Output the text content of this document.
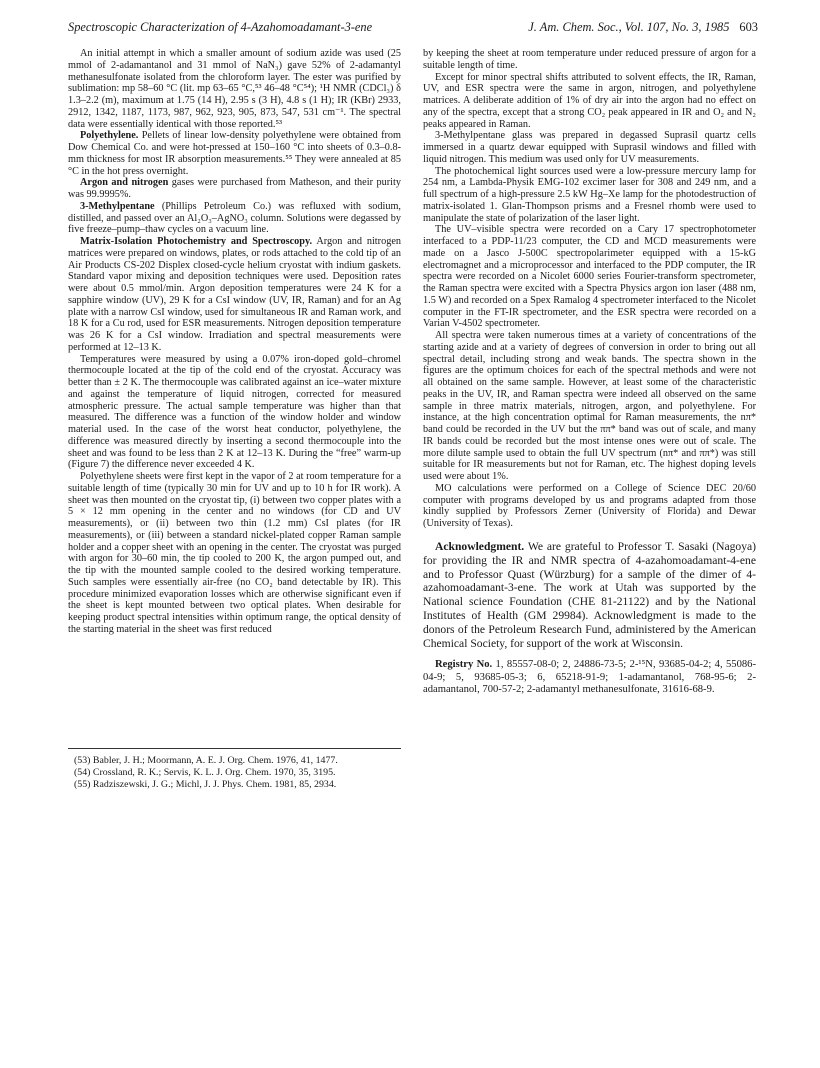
Spectroscopic Characterization of 4-Azahomoadamant-3-ene	J. Am. Chem. Soc., Vol. 107, No. 3, 1985 603

An initial attempt in which a smaller amount of sodium azide was used (25 mmol of 2-adamantanol and 31 mmol of NaN₃) gave 52% of 2-adamantyl methanesulfonate isolated from the chloroform layer. The ester was purified by sublimation: mp 58–60 °C (lit. mp 63–65 °C,⁵³ 46–48 °C⁵⁴); ¹H NMR (CDCl₃) δ 1.3–2.2 (m), maximum at 1.75 (14 H), 2.95 s (3 H), 4.8 s (1 H); IR (KBr) 2933, 2912, 1342, 1187, 1173, 987, 962, 923, 905, 873, 547, 531 cm⁻¹. The spectral data were essentially identical with those reported.⁵³

Polyethylene. Pellets of linear low-density polyethylene were obtained from Dow Chemical Co. and were hot-pressed at 150–160 °C into sheets of 0.3–0.8-mm thickness for most IR absorption measurements.⁵⁵ They were annealed at 85 °C in the hot press overnight.

Argon and nitrogen gases were purchased from Matheson, and their purity was 99.9995%.

3-Methylpentane (Phillips Petroleum Co.) was refluxed with sodium, distilled, and passed over an Al₂O₃–AgNO₃ column. Solutions were degassed by five freeze–pump–thaw cycles on a vacuum line.

Matrix-Isolation Photochemistry and Spectroscopy. Argon and nitrogen matrices were prepared on windows, plates, or rods attached to the cold tip of an Air Products CS-202 Displex closed-cycle helium cryostat with indium gaskets. Standard vapor mixing and deposition techniques were used. Deposition rates were about 0.5 mmol/min. Argon deposition temperatures were 24 K for a sapphire window (UV), 29 K for a CsI window (UV, IR, Raman) and for an Ag plate with a narrow CsI window, used for simultaneous IR and Raman work, and 18 K for a Cu rod, used for ESR measurements. Nitrogen deposition temperature was 26 K for a CsI window. Irradiation and spectral measurements were performed at 12–13 K.

Temperatures were measured by using a 0.07% iron-doped gold–chromel thermocouple located at the tip of the cold end of the cryostat. Accuracy was better than ± 2 K. The thermocouple was calibrated against an ice–water mixture and against the temperature of liquid nitrogen, corrected for measured atmospheric pressure. The actual sample temperature was higher than that measured. The difference was a function of the window holder and window material used. In the case of the worst heat conductor, polyethylene, the difference was measured directly by inserting a second thermocouple into the sheet and was found to be less than 2 K at 12–13 K. During the “free” warm-up (Figure 7) the difference never exceeded 4 K.

Polyethylene sheets were first kept in the vapor of 2 at room temperature for a suitable length of time (typically 30 min for UV and up to 10 h for IR work). A sheet was then mounted on the cryostat tip, (i) between two copper plates with a 5 × 12 mm opening in the center and no windows (for CD and UV measurements), or (ii) between two thin (1.2 mm) CsI plates (for IR measurements), or (iii) between a standard nickel-plated copper Raman sample holder and a copper sheet with an opening in the center. The cryostat was purged with argon for 30–60 min, the tip cooled to 200 K, the argon pumped out, and the tip with the mounted sample cooled to the desired working temperature. Such samples were essentially air-free (no CO₂ band detectable by IR). This procedure minimized evaporation losses which are otherwise significant even if the sheet is kept mounted between two optical plates. When desirable for keeping product spectral intensities within optimum range, the optical density of the starting material in the sheet was first reduced

(53) Babler, J. H.; Moormann, A. E. J. Org. Chem. 1976, 41, 1477.
(54) Crossland, R. K.; Servis, K. L. J. Org. Chem. 1970, 35, 3195.
(55) Radziszewski, J. G.; Michl, J. J. Phys. Chem. 1981, 85, 2934.

by keeping the sheet at room temperature under reduced pressure of argon for a suitable length of time.

Except for minor spectral shifts attributed to solvent effects, the IR, Raman, UV, and ESR spectra were the same in argon, nitrogen, and polyethylene matrices. A deliberate addition of 1% of dry air into the argon had no effect on any of the spectra, except that a strong CO₂ peak appeared in IR and O₂ and N₂ peaks appeared in Raman.

3-Methylpentane glass was prepared in degassed Suprasil quartz cells immersed in a quartz dewar equipped with Suprasil windows and filled with liquid nitrogen. This medium was used only for UV measurements.

The photochemical light sources used were a low-pressure mercury lamp for 254 nm, a Lambda-Physik EMG-102 excimer laser for 308 and 249 nm, and a full spectrum of a high-pressure 2.5 kW Hg–Xe lamp for the photodestruction of matrix-isolated 1. Glan-Thompson prisms and a Fresnel rhomb were used to manipulate the state of polarization of the laser light.

The UV–visible spectra were recorded on a Cary 17 spectrophotometer interfaced to a PDP-11/23 computer, the CD and MCD measurements were made on a Jasco J-500C spectropolarimeter equipped with a 15-kG electromagnet and a microprocessor and interfaced to the PDP computer, the IR spectra were recorded on a Nicolet 6000 series Fourier-transform spectrometer, the Raman spectra were excited with a Spectra Physics argon ion laser (488 nm, 1.5 W) and recorded on a Spex Ramalog 4 spectrometer interfaced to the Nicolet computer in the FT-IR spectrometer, and the ESR spectra were recorded on a Varian V-4502 spectrometer.

All spectra were taken numerous times at a variety of concentrations of the starting azide and at a variety of degrees of conversion in order to bring out all spectral detail, including strong and weak bands. The spectra shown in the figures are the optimum choices for each of the spectral methods and were not all obtained on the same sample. However, at least some of the characteristic peaks in the UV, IR, and Raman spectra were indeed all observed on the same sample in three matrix materials, nitrogen, argon, and polyethylene. For instance, at the high concentration optimal for Raman measurements, the nπ* band could be recorded in the UV but the ππ* band was out of scale, and many IR bands could be recorded but the most intense ones were out of scale. The more dilute sample used to obtain the full UV spectrum (nπ* and ππ*) was still suitable for IR measurements but not for Raman, etc. The highest doping levels used were about 1%.

MO calculations were performed on a College of Science DEC 20/60 computer with programs developed by us and programs adapted from those kindly supplied by Professors Zerner (University of Florida) and Dewar (University of Texas).

Acknowledgment. We are grateful to Professor T. Sasaki (Nagoya) for providing the IR and NMR spectra of 4-azahomoadamant-4-ene and to Professor Quast (Würzburg) for a sample of the dimer of 4-azahomoadamant-3-ene. The work at Utah was supported by the National science Foundation (CHE 81-21122) and by the National Institutes of Health (GM 29984). Acknowledgment is made to the donors of the Petroleum Research Fund, administered by the American Chemical Society, for support of the work at Wisconsin.

Registry No. 1, 85557-08-0; 2, 24886-73-5; 2-¹⁵N, 93685-04-2; 4, 55086-04-9; 5, 93685-05-3; 6, 65218-91-9; 1-adamantanol, 768-95-6; 2-adamantanol, 700-57-2; 2-adamantyl methanesulfonate, 31616-68-9.
